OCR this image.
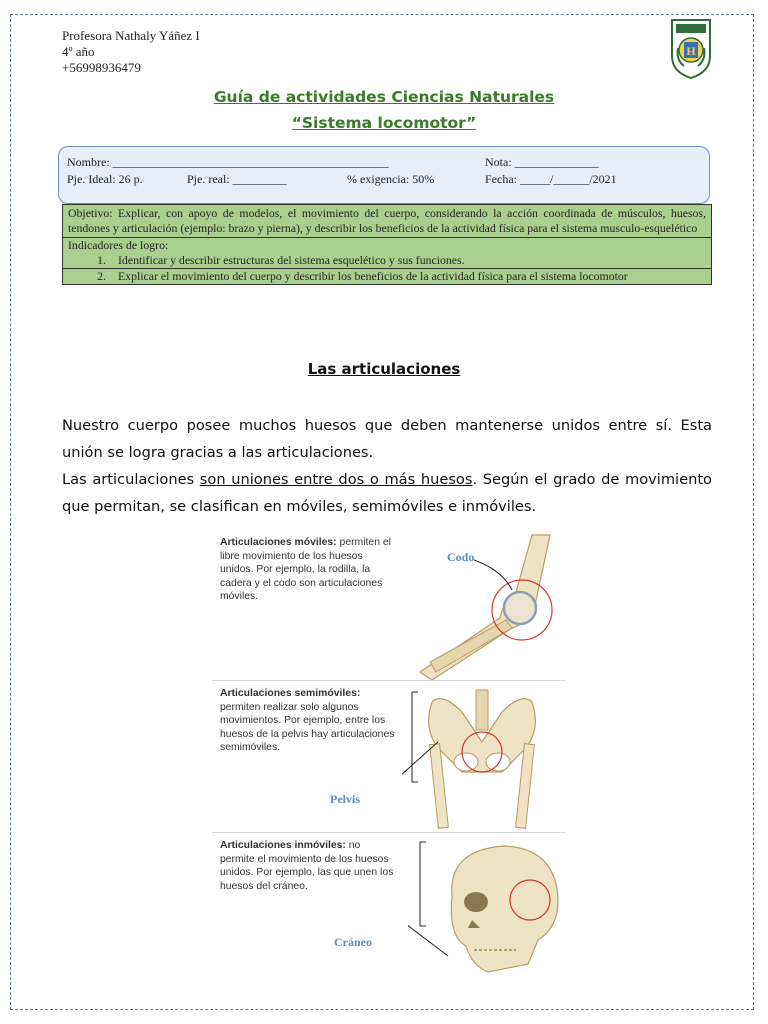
Profesora Nathaly Yáñez I
4º año
+56998936479
H
Guía de actividades Ciencias Naturales
“Sistema locomotor”
Nombre: ______________________________________________	Nota: ______________
Pje. Ideal: 26 p.	Pje. real: _________	% exigencia: 50%	Fecha: _____/______/2021
Objetivo: Explicar, con apoyo de modelos, el movimiento del cuerpo, considerando la acción coordinada de músculos, huesos, tendones y articulación (ejemplo: brazo y pierna), y describir los beneficios de la actividad física para el sistema musculo-esquelético
Indicadores de logro:
1.	Identificar y describir estructuras del sistema esquelético y sus funciones.
2.	Explicar el movimiento del cuerpo y describir los beneficios de la actividad física para el sistema locomotor
Las articulaciones

Nuestro cuerpo posee muchos huesos que deben mantenerse unidos entre sí. Esta unión se logra gracias a las articulaciones.

Las articulaciones son uniones entre dos o más huesos. Según el grado de movimiento que permitan, se clasifican en móviles, semimóviles e inmóviles.

Articulaciones móviles: permiten el libre movimiento de los huesos unidos. Por ejemplo, la rodilla, la cadera y el codo son articulaciones móviles.
Codo
Articulaciones semimóviles: permiten realizar solo algunos movimientos. Por ejemplo, entre los huesos de la pelvis hay articulaciones semimóviles.
Pelvis
Articulaciones inmóviles: no permite el movimiento de los huesos unidos. Por ejemplo, las que unen los huesos del cráneo.
Cráneo
